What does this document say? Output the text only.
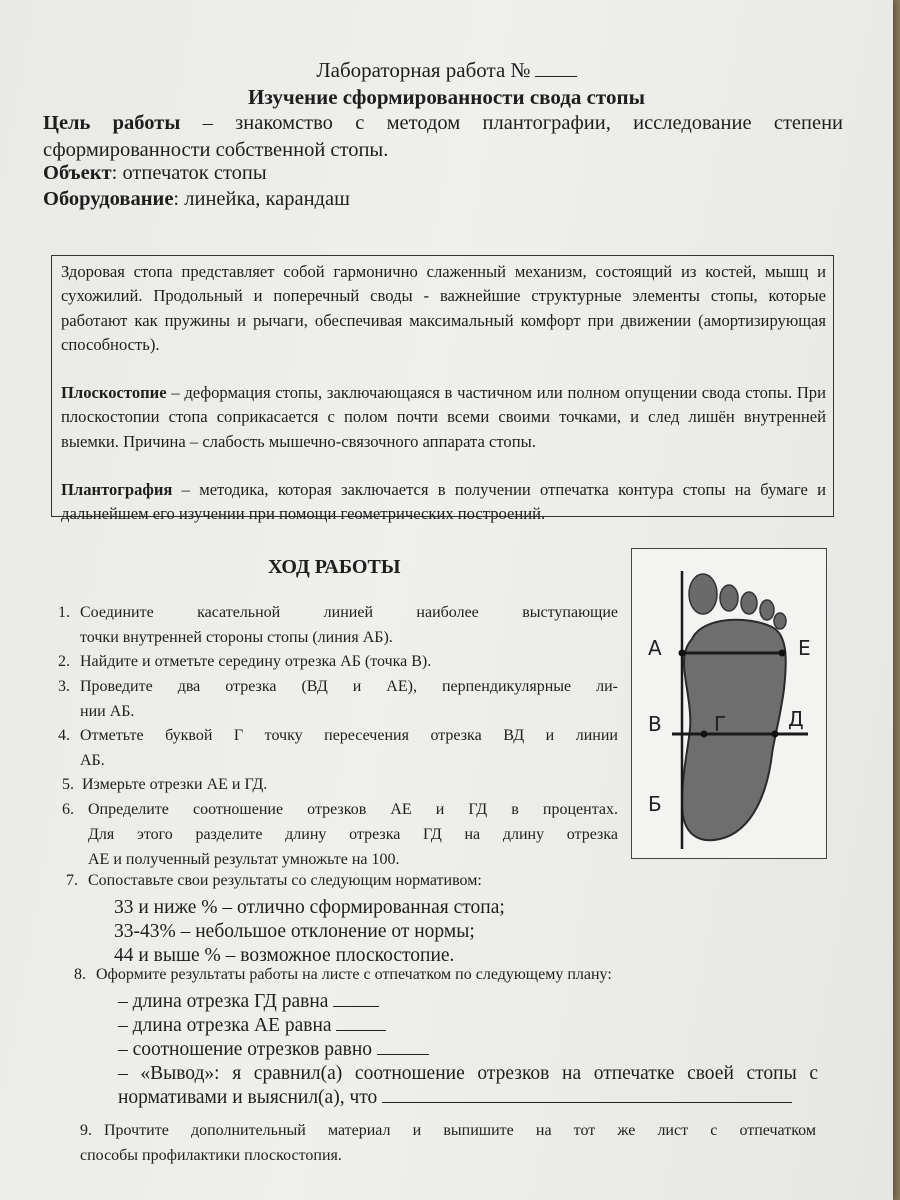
Лабораторная работа №
Изучение сформированности свода стопы
Цель работы – знакомство с методом плантографии, исследование степени сформированности собственной стопы.
Объект: отпечаток стопы
Оборудование: линейка, карандаш

Здоровая стопа представляет собой гармонично слаженный механизм, состоящий из костей, мышц и сухожилий. Продольный и поперечный своды - важнейшие структурные элементы стопы, которые работают как пружины и рычаги, обеспечивая максимальный комфорт при движении (амортизирующая способность).

Плоскостопие – деформация стопы, заключающаяся в частичном или полном опущении свода стопы. При плоскостопии стопа соприкасается с полом почти всеми своими точками, и след лишён внутренней выемки. Причина – слабость мышечно-связочного аппарата стопы.

Плантография – методика, которая заключается в получении отпечатка контура стопы на бумаге и дальнейшем его изучении при помощи геометрических построений.

ХОД РАБОТЫ
1. Соедините касательной линией наиболее выступающие
точки внутренней стороны стопы (линия АБ).
2. Найдите и отметьте середину отрезка АБ (точка В).
3. Проведите два отрезка (ВД и АЕ), перпендикулярные ли-
нии АБ.
4. Отметьте буквой Г точку пересечения отрезка ВД и линии
АБ.
5. Измерьте отрезки АЕ и ГД.
6. Определите соотношение отрезков АЕ и ГД в процентах.
Для этого разделите длину отрезка ГД на длину отрезка
АЕ и полученный результат умножьте на 100.
7. Сопоставьте свои результаты со следующим нормативом:
33 и ниже % – отлично сформированная стопа;
33-43% – небольшое отклонение от нормы;
44 и выше % – возможное плоскостопие.
8. Оформите результаты работы на листе с отпечатком по следующему плану:
– длина отрезка ГД равна
– длина отрезка АЕ равна
– соотношение отрезков равно
– «Вывод»: я сравнил(а) соотношение отрезков на отпечатке своей стопы с
нормативами и выяснил(а), что
9. Прочтите дополнительный материал и выпишите на тот же лист с отпечатком
способы профилактики плоскостопия.
А	Е
В	Г	Д
Б
